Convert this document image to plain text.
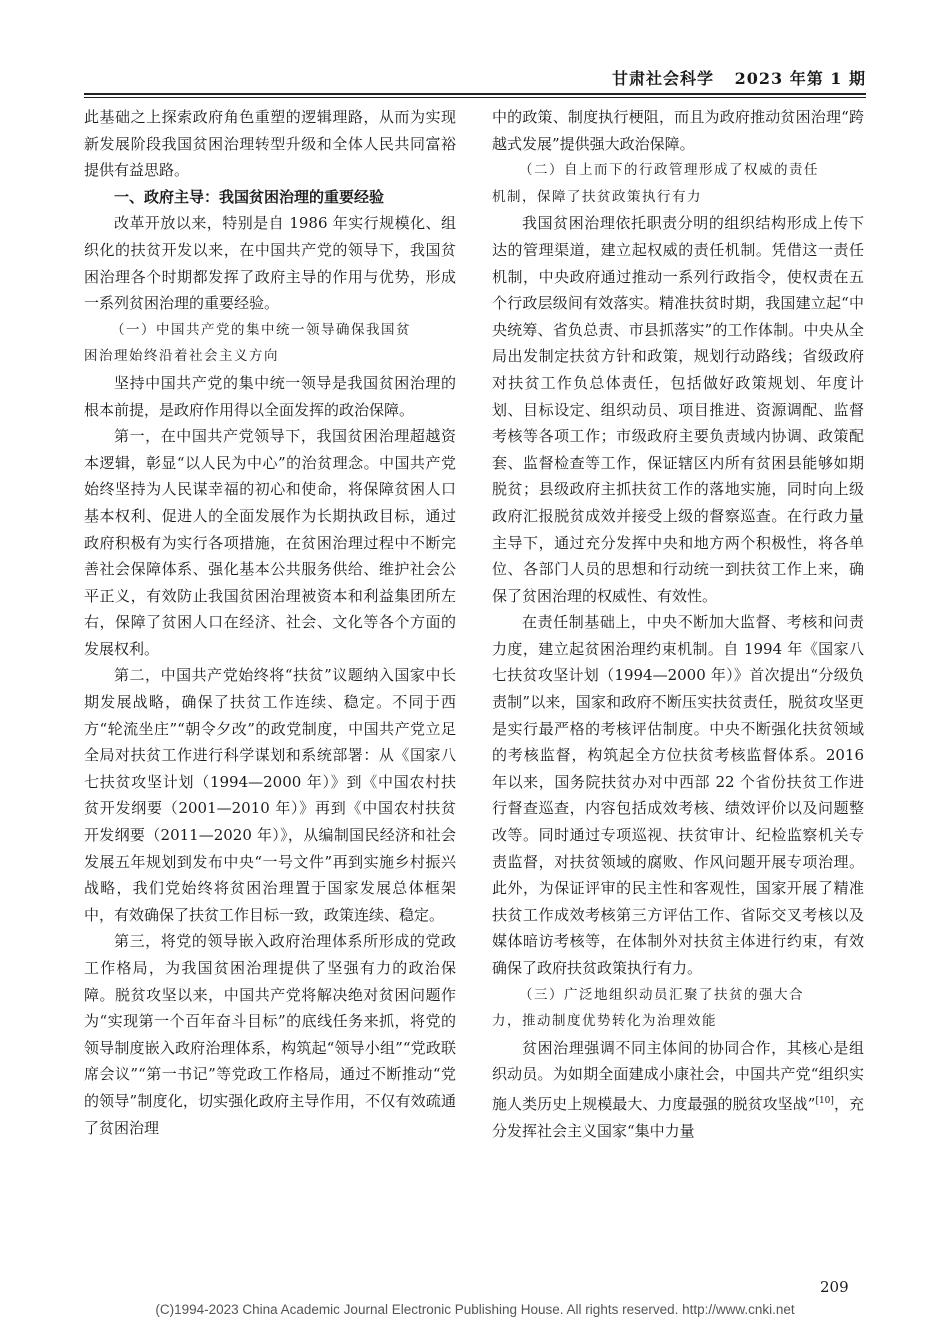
甘肃社会科学 2023 年第 1 期

此基础之上探索政府角色重塑的逻辑理路，从而为实现新发展阶段我国贫困治理转型升级和全体人民共同富裕提供有益思路。

一、政府主导：我国贫困治理的重要经验

改革开放以来，特别是自 1986 年实行规模化、组织化的扶贫开发以来，在中国共产党的领导下，我国贫困治理各个时期都发挥了政府主导的作用与优势，形成一系列贫困治理的重要经验。

（一）中国共产党的集中统一领导确保我国贫
困治理始终沿着社会主义方向

坚持中国共产党的集中统一领导是我国贫困治理的根本前提，是政府作用得以全面发挥的政治保障。

第一，在中国共产党领导下，我国贫困治理超越资本逻辑，彰显“以人民为中心”的治贫理念。中国共产党始终坚持为人民谋幸福的初心和使命，将保障贫困人口基本权利、促进人的全面发展作为长期执政目标，通过政府积极有为实行各项措施，在贫困治理过程中不断完善社会保障体系、强化基本公共服务供给、维护社会公平正义，有效防止我国贫困治理被资本和利益集团所左右，保障了贫困人口在经济、社会、文化等各个方面的发展权利。

第二，中国共产党始终将“扶贫”议题纳入国家中长期发展战略，确保了扶贫工作连续、稳定。不同于西方“轮流坐庄”“朝令夕改”的政党制度，中国共产党立足全局对扶贫工作进行科学谋划和系统部署：从《国家八七扶贫攻坚计划（1994—2000 年）》到《中国农村扶贫开发纲要（2001—2010 年）》再到《中国农村扶贫开发纲要（2011—2020 年）》，从编制国民经济和社会发展五年规划到发布中央“一号文件”再到实施乡村振兴战略，我们党始终将贫困治理置于国家发展总体框架中，有效确保了扶贫工作目标一致，政策连续、稳定。

第三，将党的领导嵌入政府治理体系所形成的党政工作格局，为我国贫困治理提供了坚强有力的政治保障。脱贫攻坚以来，中国共产党将解决绝对贫困问题作为“实现第一个百年奋斗目标”的底线任务来抓，将党的领导制度嵌入政府治理体系，构筑起“领导小组”“党政联席会议”“第一书记”等党政工作格局，通过不断推动“党的领导”制度化，切实强化政府主导作用，不仅有效疏通了贫困治理

中的政策、制度执行梗阻，而且为政府推动贫困治理“跨越式发展”提供强大政治保障。

（二）自上而下的行政管理形成了权威的责任
机制，保障了扶贫政策执行有力

我国贫困治理依托职责分明的组织结构形成上传下达的管理渠道，建立起权威的责任机制。凭借这一责任机制，中央政府通过推动一系列行政指令，使权责在五个行政层级间有效落实。精准扶贫时期，我国建立起“中央统筹、省负总责、市县抓落实”的工作体制。中央从全局出发制定扶贫方针和政策，规划行动路线；省级政府对扶贫工作负总体责任，包括做好政策规划、年度计划、目标设定、组织动员、项目推进、资源调配、监督考核等各项工作；市级政府主要负责域内协调、政策配套、监督检查等工作，保证辖区内所有贫困县能够如期脱贫；县级政府主抓扶贫工作的落地实施，同时向上级政府汇报脱贫成效并接受上级的督察巡查。在行政力量主导下，通过充分发挥中央和地方两个积极性，将各单位、各部门人员的思想和行动统一到扶贫工作上来，确保了贫困治理的权威性、有效性。

在责任制基础上，中央不断加大监督、考核和问责力度，建立起贫困治理约束机制。自 1994 年《国家八七扶贫攻坚计划（1994—2000 年）》首次提出“分级负责制”以来，国家和政府不断压实扶贫责任，脱贫攻坚更是实行最严格的考核评估制度。中央不断强化扶贫领域的考核监督，构筑起全方位扶贫考核监督体系。2016 年以来，国务院扶贫办对中西部 22 个省份扶贫工作进行督查巡查，内容包括成效考核、绩效评价以及问题整改等。同时通过专项巡视、扶贫审计、纪检监察机关专责监督，对扶贫领域的腐败、作风问题开展专项治理。此外，为保证评审的民主性和客观性，国家开展了精准扶贫工作成效考核第三方评估工作、省际交叉考核以及媒体暗访考核等，在体制外对扶贫主体进行约束，有效确保了政府扶贫政策执行有力。

（三）广泛地组织动员汇聚了扶贫的强大合
力，推动制度优势转化为治理效能

贫困治理强调不同主体间的协同合作，其核心是组织动员。为如期全面建成小康社会，中国共产党“组织实施人类历史上规模最大、力度最强的脱贫攻坚战”[10]，充分发挥社会主义国家“集中力量

209
(C)1994-2023 China Academic Journal Electronic Publishing House. All rights reserved. http://www.cnki.net
